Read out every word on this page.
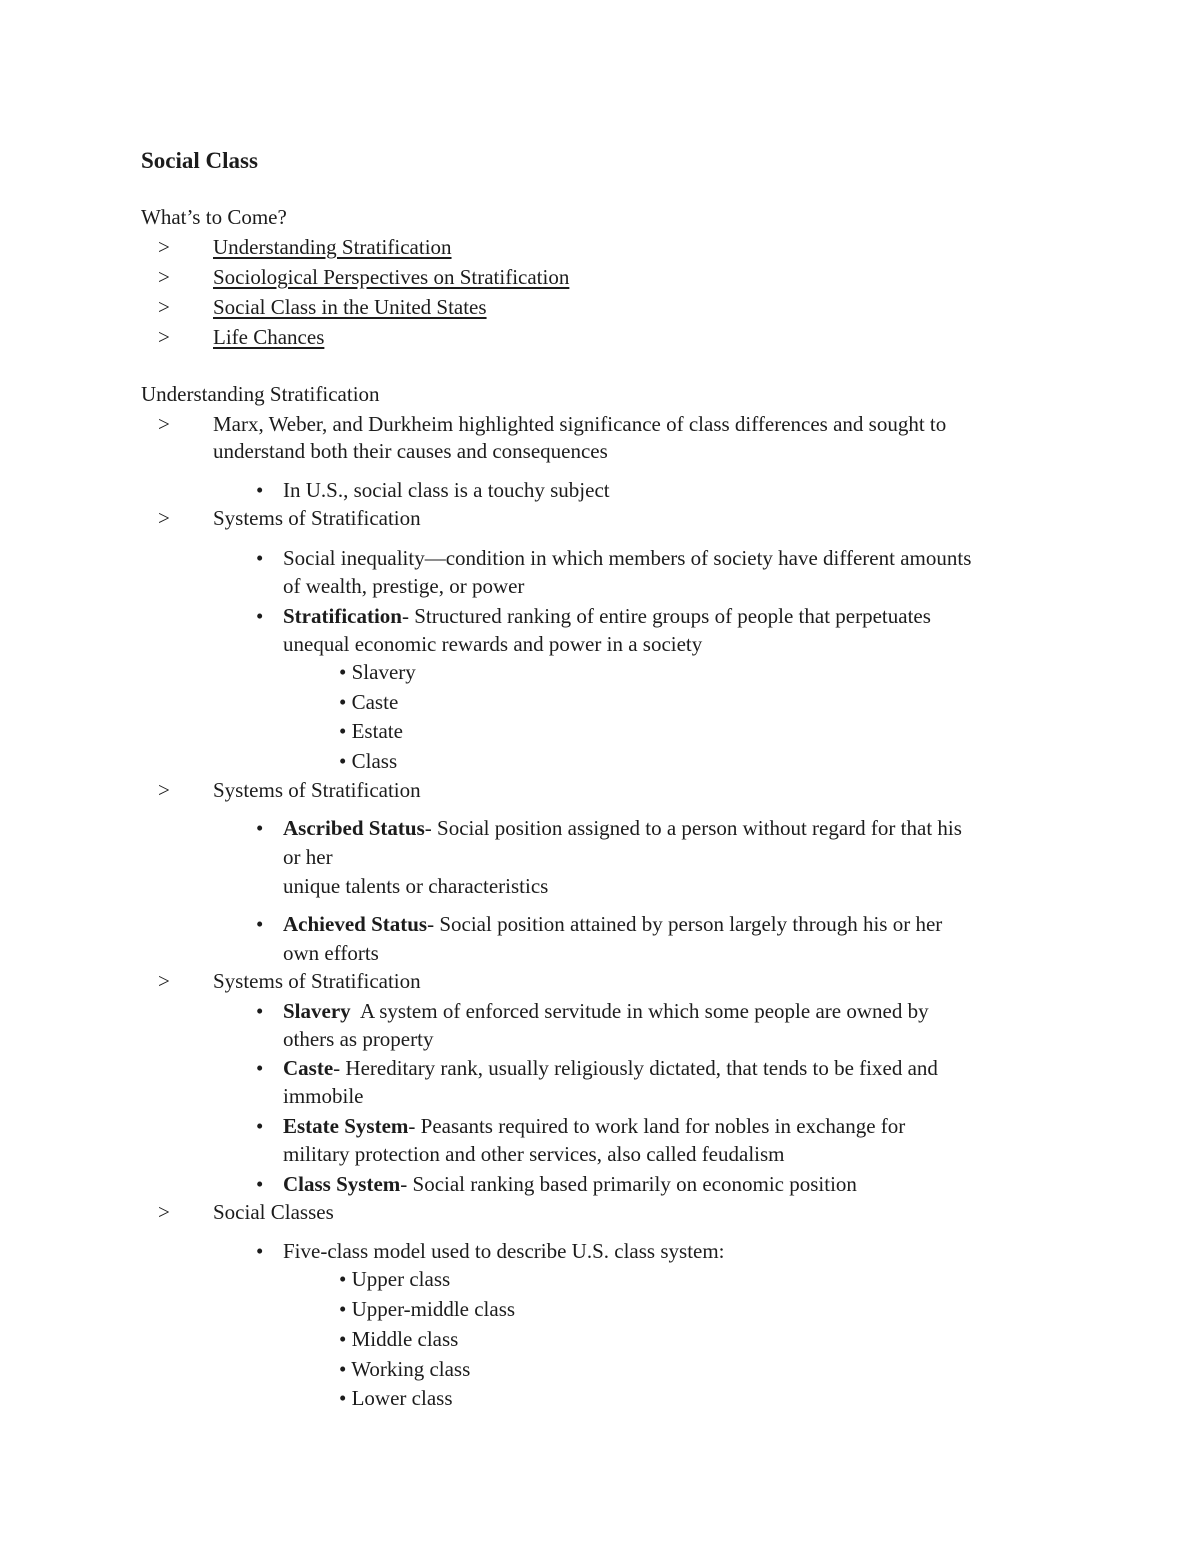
Social Class
What’s to Come?
> Understanding Stratification
> Sociological Perspectives on Stratification
> Social Class in the United States
> Life Chances
Understanding Stratification
> Marx, Weber, and Durkheim highlighted significance of class differences and sought to
understand both their causes and consequences
• In U.S., social class is a touchy subject
> Systems of Stratification
• Social inequality—condition in which members of society have different amounts
of wealth, prestige, or power
• Stratification- Structured ranking of entire groups of people that perpetuates
unequal economic rewards and power in a society
• Slavery
• Caste
• Estate
• Class
> Systems of Stratification
• Ascribed Status- Social position assigned to a person without regard for that his
or her
unique talents or characteristics
• Achieved Status- Social position attained by person largely through his or her
own efforts
> Systems of Stratification
• Slavery  A system of enforced servitude in which some people are owned by
others as property
• Caste- Hereditary rank, usually religiously dictated, that tends to be fixed and
immobile
• Estate System- Peasants required to work land for nobles in exchange for
military protection and other services, also called feudalism
• Class System- Social ranking based primarily on economic position
> Social Classes
• Five-class model used to describe U.S. class system:
• Upper class
• Upper-middle class
• Middle class
• Working class
• Lower class
